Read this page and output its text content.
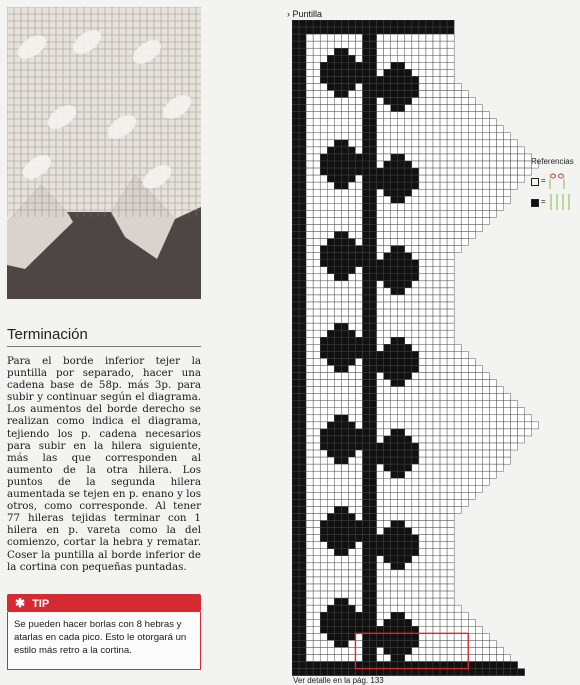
Terminación

Para el borde inferior tejer la puntilla por separado, hacer una cadena base de 58p. más 3p. para subir y continuar según el diagrama. Los aumentos del borde derecho se realizan como indica el diagrama, tejiendo los p. cadena necesarios para subir en la hilera siguiente, más las que corresponden al aumento de la otra hilera. Los puntos de la segunda hilera aumentada se tejen en p. enano y los otros, como corresponde. Al tener 77 hileras tejidas terminar con 1 hilera en p. vareta como la del comienzo, cortar la hebra y rematar. Coser la puntilla al borde inferior de la cortina con pequeñas puntadas.

✱ TIP
Se pueden hacer borlas con 8 hebras y atarlas en cada pico. Esto le otorgará un estilo más retro a la cortina.
› Puntilla
Referencias
=
=
Ver detalle en la pág. 133
